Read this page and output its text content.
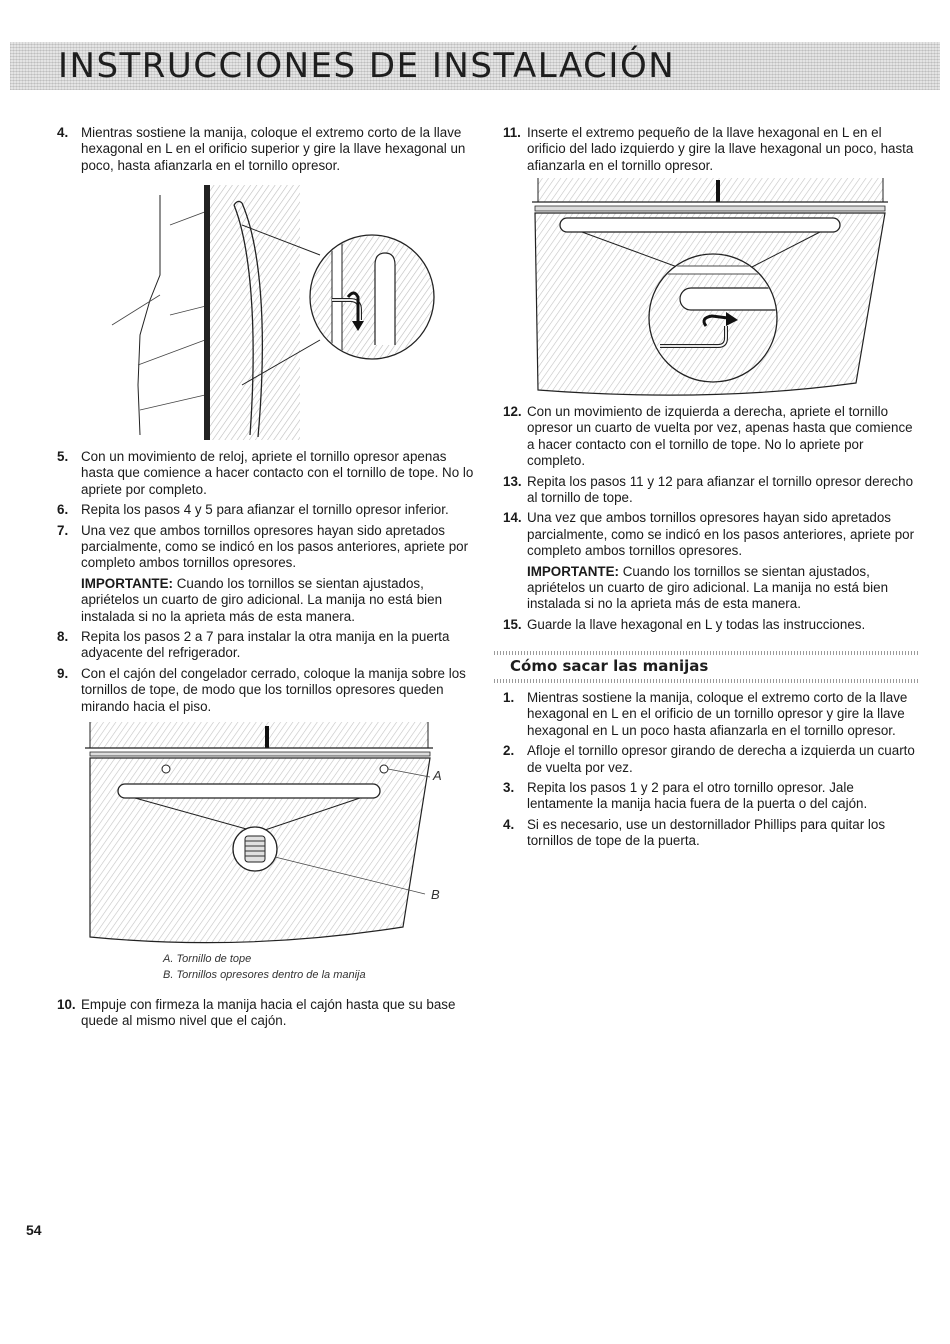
INSTRUCCIONES DE INSTALACIÓN
4. Mientras sostiene la manija, coloque el extremo corto de la llave hexagonal en L en el orificio superior y gire la llave hexagonal un poco, hasta afianzarla en el tornillo opresor.
5. Con un movimiento de reloj, apriete el tornillo opresor apenas hasta que comience a hacer contacto con el tornillo de tope. No lo apriete por completo.
6. Repita los pasos 4 y 5 para afianzar el tornillo opresor inferior.
7. Una vez que ambos tornillos opresores hayan sido apretados parcialmente, como se indicó en los pasos anteriores, apriete por completo ambos tornillos opresores.
IMPORTANTE: Cuando los tornillos se sientan ajustados, apriételos un cuarto de giro adicional. La manija no está bien instalada si no la aprieta más de esta manera.
8. Repita los pasos 2 a 7 para instalar la otra manija en la puerta adyacente del refrigerador.
9. Con el cajón del congelador cerrado, coloque la manija sobre los tornillos de tope, de modo que los tornillos opresores queden mirando hacia el piso.
A
B
A. Tornillo de tope
B. Tornillos opresores dentro de la manija
10. Empuje con firmeza la manija hacia el cajón hasta que su base quede al mismo nivel que el cajón.
11. Inserte el extremo pequeño de la llave hexagonal en L en el orificio del lado izquierdo y gire la llave hexagonal un poco, hasta afianzarla en el tornillo opresor.
12. Con un movimiento de izquierda a derecha, apriete el tornillo opresor un cuarto de vuelta por vez, apenas hasta que comience a hacer contacto con el tornillo de tope. No lo apriete por completo.
13. Repita los pasos 11 y 12 para afianzar el tornillo opresor derecho al tornillo de tope.
14. Una vez que ambos tornillos opresores hayan sido apretados parcialmente, como se indicó en los pasos anteriores, apriete por completo ambos tornillos opresores.
IMPORTANTE: Cuando los tornillos se sientan ajustados, apriételos un cuarto de giro adicional. La manija no está bien instalada si no la aprieta más de esta manera.
15. Guarde la llave hexagonal en L y todas las instrucciones.
Cómo sacar las manijas
1. Mientras sostiene la manija, coloque el extremo corto de la llave hexagonal en L en el orificio de un tornillo opresor y gire la llave hexagonal en L un poco hasta afianzarla en el tornillo opresor.
2. Afloje el tornillo opresor girando de derecha a izquierda un cuarto de vuelta por vez.
3. Repita los pasos 1 y 2 para el otro tornillo opresor. Jale lentamente la manija hacia fuera de la puerta o del cajón.
4. Si es necesario, use un destornillador Phillips para quitar los tornillos de tope de la puerta.
54
